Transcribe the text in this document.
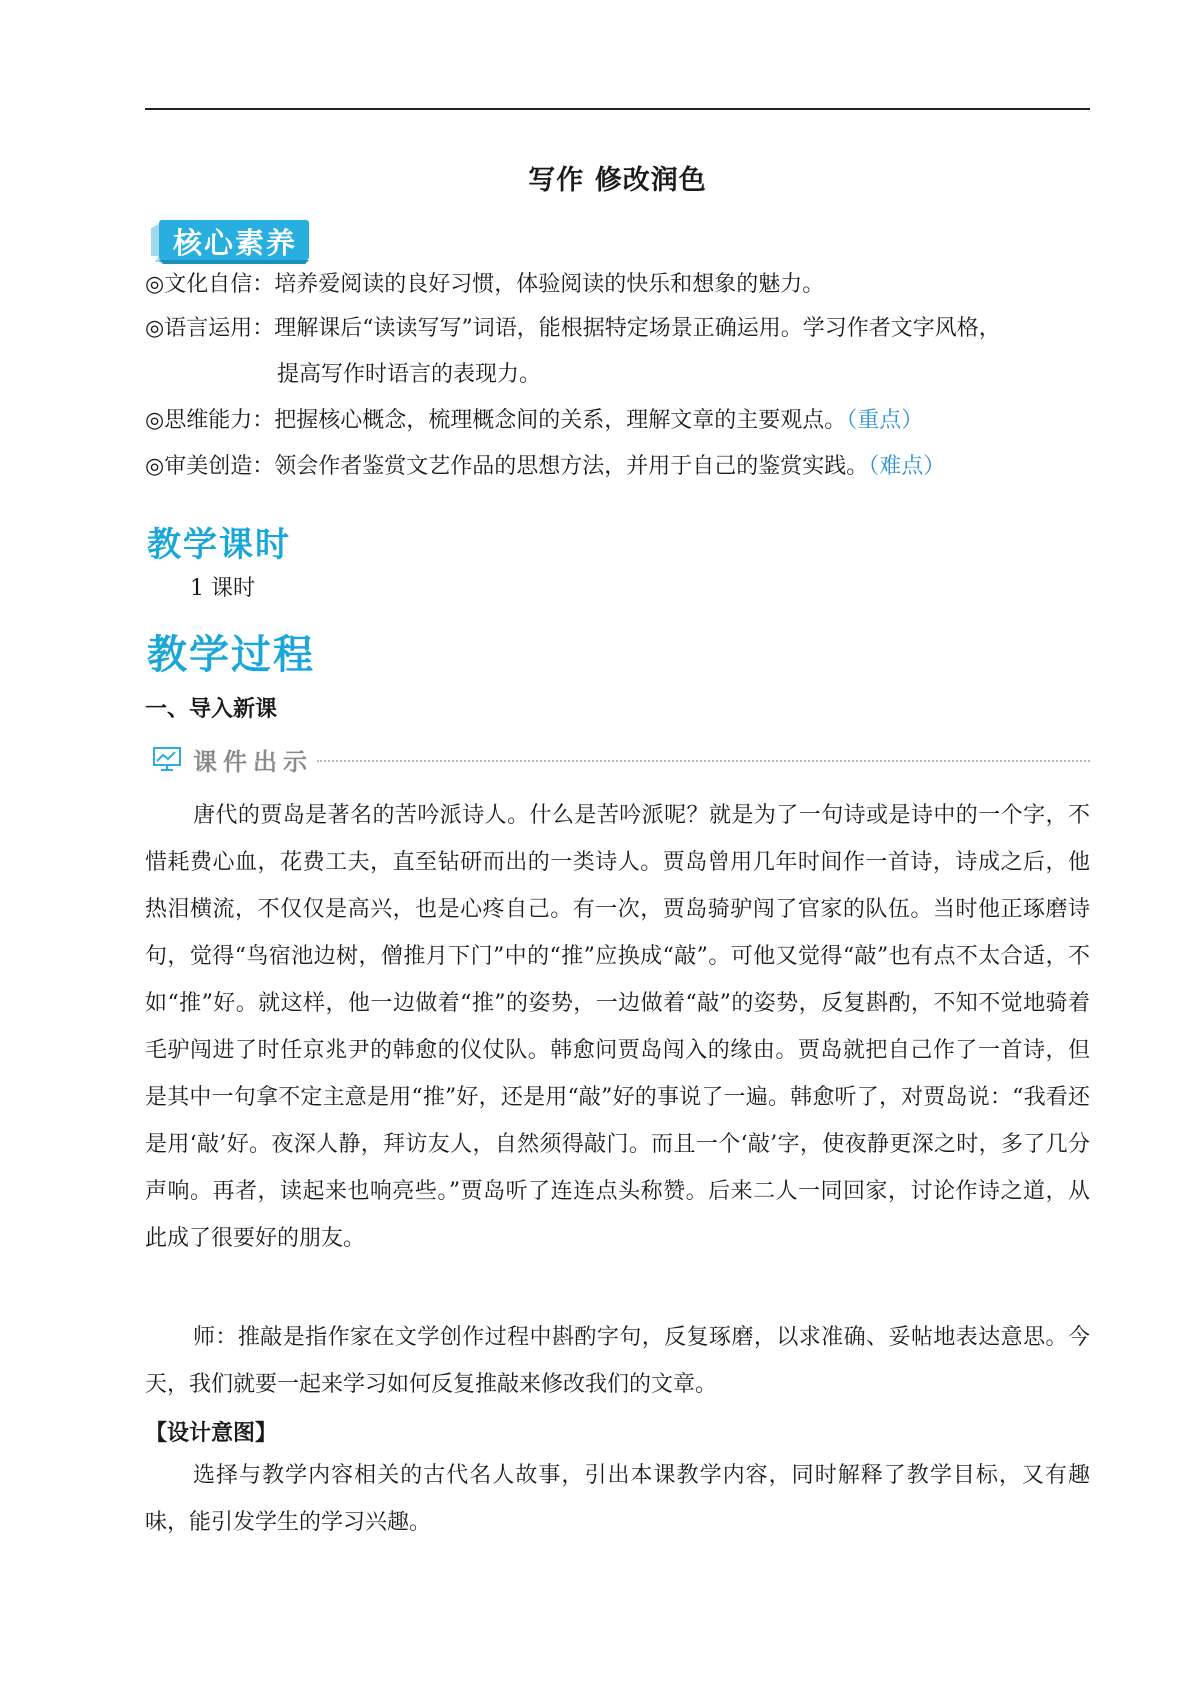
写作 修改润色
核心素养
◎文化自信：培养爱阅读的良好习惯，体验阅读的快乐和想象的魅力。
◎语言运用：理解课后“读读写写”词语，能根据特定场景正确运用。学习作者文字风格，
提高写作时语言的表现力。
◎思维能力：把握核心概念，梳理概念间的关系，理解文章的主要观点。（重点）
◎审美创造：领会作者鉴赏文艺作品的思想方法，并用于自己的鉴赏实践。（难点）
教学课时
1 课时
教学过程
一、导入新课
课件出示

唐代的贾岛是著名的苦吟派诗人。什么是苦吟派呢？就是为了一句诗或是诗中的一个字，不惜耗费心血，花费工夫，直至钻研而出的一类诗人。贾岛曾用几年时间作一首诗，诗成之后，他热泪横流，不仅仅是高兴，也是心疼自己。有一次，贾岛骑驴闯了官家的队伍。当时他正琢磨诗句，觉得“鸟宿池边树，僧推月下门”中的“推”应换成“敲”。可他又觉得“敲”也有点不太合适，不如“推”好。就这样，他一边做着“推”的姿势，一边做着“敲”的姿势，反复斟酌，不知不觉地骑着毛驴闯进了时任京兆尹的韩愈的仪仗队。韩愈问贾岛闯入的缘由。贾岛就把自己作了一首诗，但是其中一句拿不定主意是用“推”好，还是用“敲”好的事说了一遍。韩愈听了，对贾岛说：“我看还是用‘敲’好。夜深人静，拜访友人，自然须得敲门。而且一个‘敲’字，使夜静更深之时，多了几分声响。再者，读起来也响亮些。”贾岛听了连连点头称赞。后来二人一同回家，讨论作诗之道，从此成了很要好的朋友。

师：推敲是指作家在文学创作过程中斟酌字句，反复琢磨，以求准确、妥帖地表达意思。今天，我们就要一起来学习如何反复推敲来修改我们的文章。

【设计意图】

选择与教学内容相关的古代名人故事，引出本课教学内容，同时解释了教学目标，又有趣味，能引发学生的学习兴趣。
